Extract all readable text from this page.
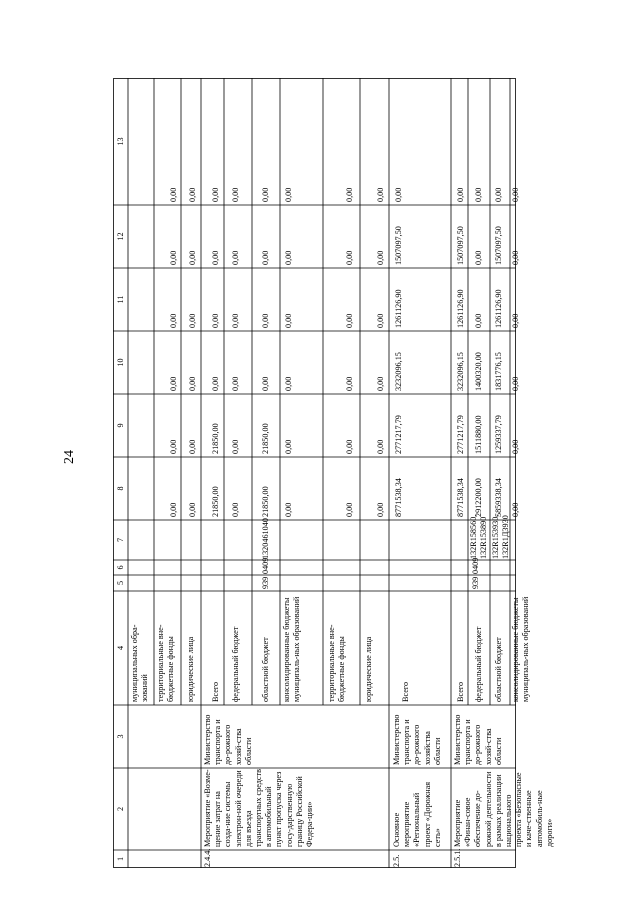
24
1
2
3
4
5
6
7
8
9
10
11
12
13
муниципальных обра- зований территориальные вне-бюджетные фонды
0,00
0,00
0,00
0,00
0,00
0,00
юридические лица
0,00
0,00
0,00
0,00
0,00
0,00
2.4.4.
Мероприятие «Возме-щение затрат на созда-ние системы электрон-ной очереди для въезда транспортных средств в автомобильный пункт пропуска через госу-дарственную границу Российской Федера-ции»
Министерство транспорта и до-рожного хозяй-ства области
Всего
21850,00
21850,00
0,00
0,00
0,00
0,00
федеральный бюджет
0,00
0,00
0,00
0,00
0,00
0,00
областной бюджет
939
0409
1320461040
21850,00
21850,00
0,00
0,00
0,00
0,00
консолидированные бюджеты муниципаль-ных образований
0,00
0,00
0,00
0,00
0,00
0,00
территориальные вне-бюджетные фонды
0,00
0,00
0,00
0,00
0,00
0,00
юридические лица
0,00
0,00
0,00
0,00
0,00
0,00
2.5.
Основное мероприятие «Региональный проект «Дорожная сеть»
Министерство транспорта и до-рожного хозяйства области
Всего
8771538,34
2771217,79
3232096,15
1261126,90
1507097,50
0,00
2.5.1.
Мероприятие «Финан-совое обеспечение до-рожной деятельности в рамках реализации национального проекта «Безопасные и каче-ственные автомобиль-ные дороги»
Министерство транспорта и до-рожного хозяй-ства области
939
0409
Всего
8771538,34
2771217,79
3232096,15
1261126,90
1507097,50
0,00
федеральный бюджет
132R158560, 132R153890
2912200,00
1511880,00
1400320,00
0,00
0,00
0,00
областной бюджет
132R153930, 132R1Д3930
5859338,34
1259337,79
1831776,15
1261126,90
1507097,50
0,00
консолидированные бюджеты муниципаль-ных образований
0,00
0,00
0,00
0,00
0,00
0,00
